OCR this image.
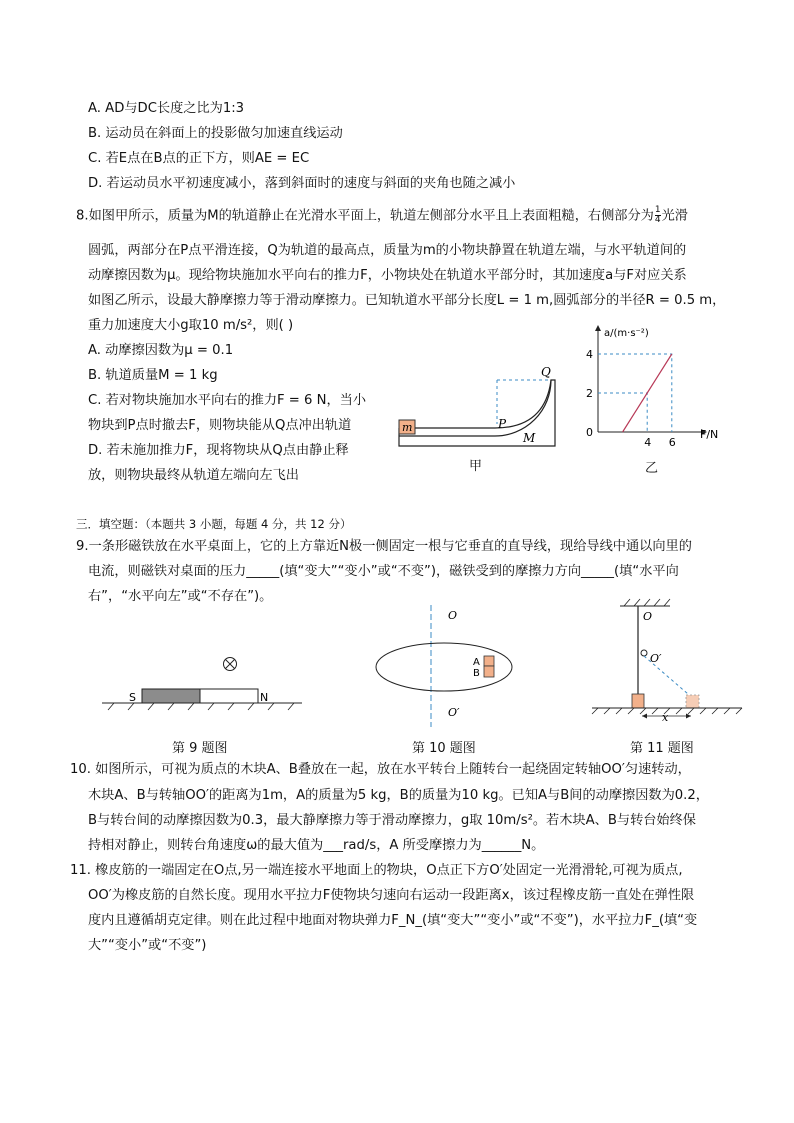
A. AD与DC长度之比为1:3
B. 运动员在斜面上的投影做匀加速直线运动
C. 若E点在B点的正下方，则AE = EC
D. 若运动员水平初速度减小，落到斜面时的速度与斜面的夹角也随之减小
8.如图甲所示，质量为M的轨道静止在光滑水平面上，轨道左侧部分水平且上表面粗糙，右侧部分为 $\frac{1}{4}$ 光滑
圆弧，两部分在P点平滑连接，Q为轨道的最高点，质量为m的小物块静置在轨道左端，与水平轨道间的
动摩擦因数为μ。现给物块施加水平向右的推力F，小物块处在轨道水平部分时，其加速度a与F对应关系
如图乙所示，设最大静摩擦力等于滑动摩擦力。已知轨道水平部分长度L = 1 m,圆弧部分的半径R = 0.5 m，
重力加速度大小g取10 m/s²，则( )
A. 动摩擦因数为μ = 0.1
B. 轨道质量M = 1 kg
C. 若对物块施加水平向右的推力F = 6 N，当小
物块到P点时撤去F，则物块能从Q点冲出轨道
D. 若未施加推力F，现将物块从Q点由静止释
放，则物块最终从轨道左端向左飞出
m	P
Q
M
甲
a/(m·s⁻²)
F/N
0
2
4
4 6
乙
三．填空题：（本题共 3 小题，每题 4 分，共 12 分）
9.一条形磁铁放在水平桌面上，它的上方靠近N极一侧固定一根与它垂直的直导线，现给导线中通以向里的
电流，则磁铁对桌面的压力_____(填“变大”“变小”或“不变”)，磁铁受到的摩擦力方向_____(填“水平向
右”，“水平向左”或“不存在”)。
S	N
第 9 题图
O
O′
A
B
第 10 题图
O
O′
x
第 11 题图
10. 如图所示，可视为质点的木块A、B叠放在一起，放在水平转台上随转台一起绕固定转轴OO′匀速转动，
木块A、B与转轴OO′的距离为1m，A的质量为5 kg，B的质量为10 kg。已知A与B间的动摩擦因数为0.2，
B与转台间的动摩擦因数为0.3，最大静摩擦力等于滑动摩擦力，g取 10m/s²。若木块A、B与转台始终保
持相对静止，则转台角速度ω的最大值为___rad/s，A 所受摩擦力为______N。
11. 橡皮筋的一端固定在O点,另一端连接水平地面上的物块，O点正下方O′处固定一光滑滑轮,可视为质点,
OO′为橡皮筋的自然长度。现用水平拉力F使物块匀速向右运动一段距离x，该过程橡皮筋一直处在弹性限
度内且遵循胡克定律。则在此过程中地面对物块弹力F_N_(填“变大”“变小”或“不变”)，水平拉力F_(填“变
大”“变小”或“不变”)
